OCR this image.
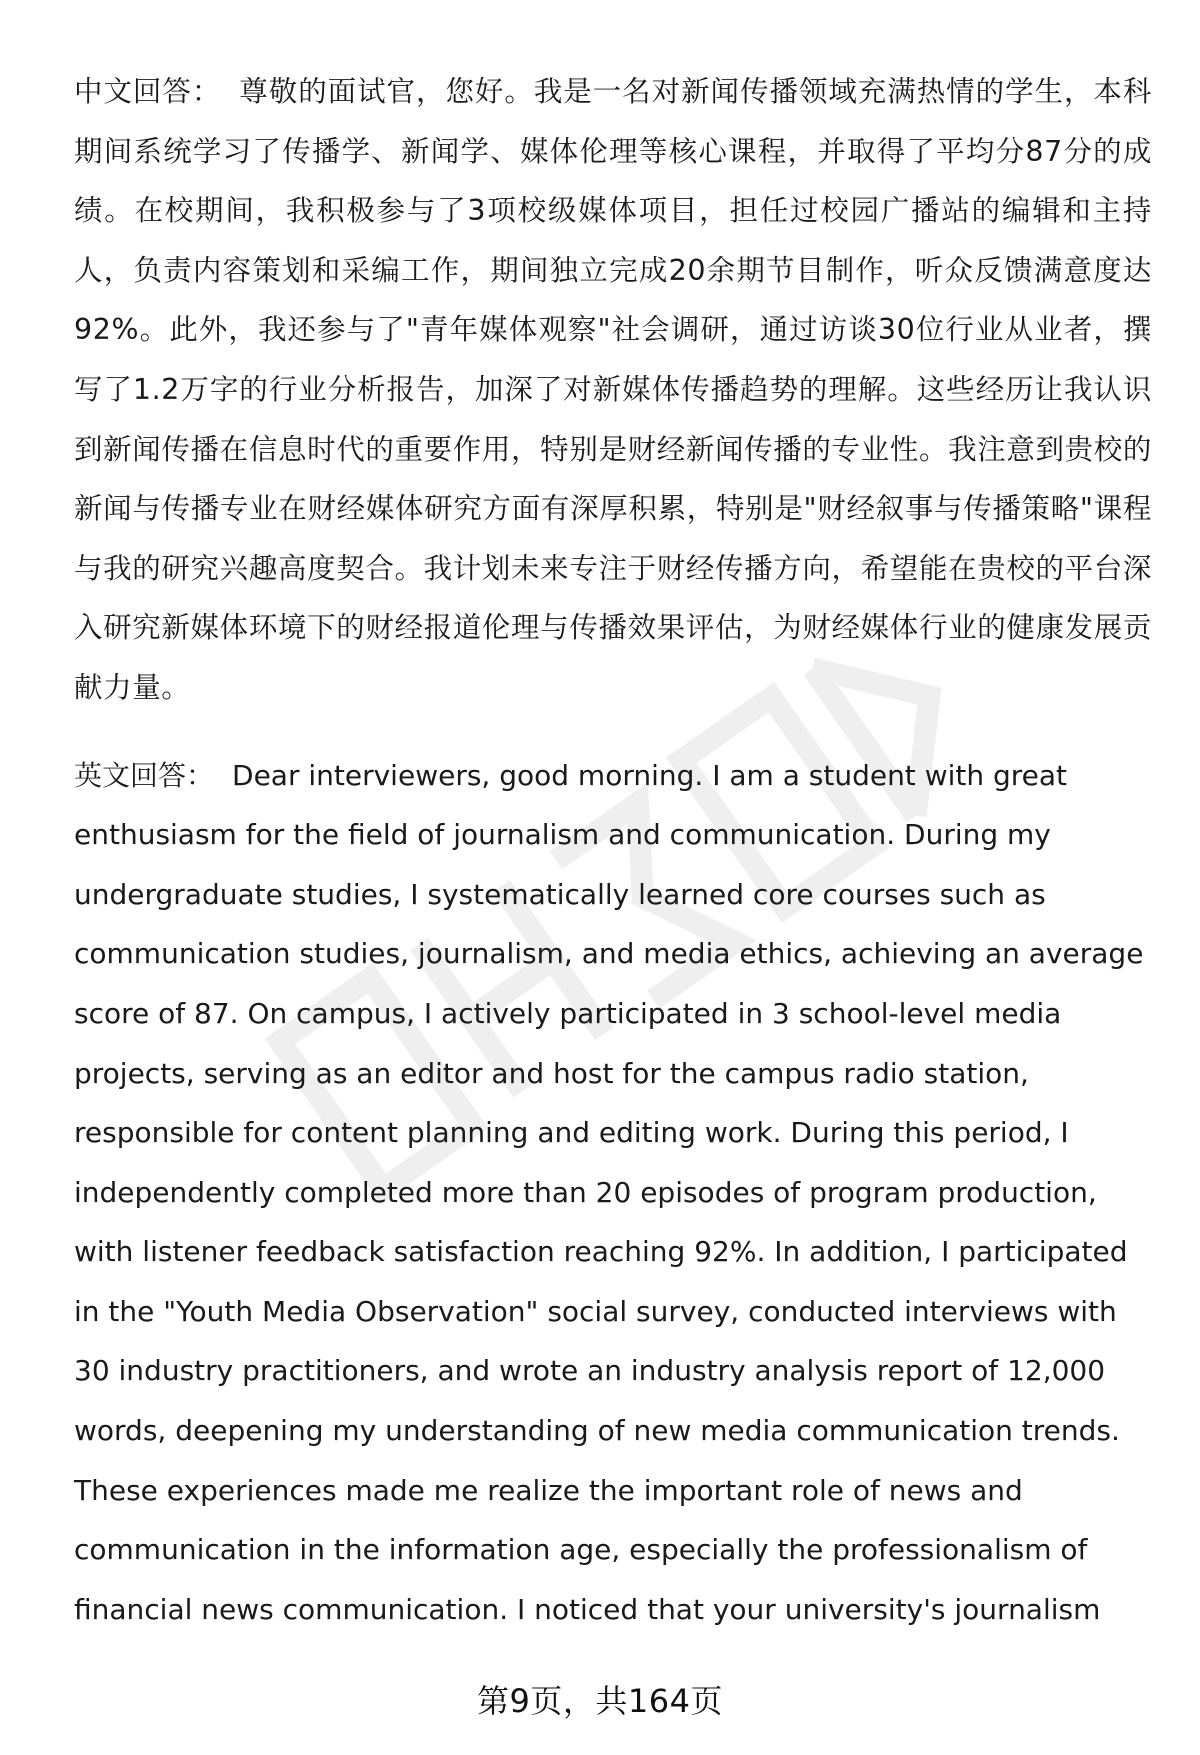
中文回答： 尊敬的面试官，您好。我是一名对新闻传播领域充满热情的学生，本科期间系统学习了传播学、新闻学、媒体伦理等核心课程，并取得了平均分87分的成绩。在校期间，我积极参与了3项校级媒体项目，担任过校园广播站的编辑和主持人，负责内容策划和采编工作，期间独立完成20余期节目制作，听众反馈满意度达92%。此外，我还参与了"青年媒体观察"社会调研，通过访谈30位行业从业者，撰写了1.2万字的行业分析报告，加深了对新媒体传播趋势的理解。这些经历让我认识到新闻传播在信息时代的重要作用，特别是财经新闻传播的专业性。我注意到贵校的新闻与传播专业在财经媒体研究方面有深厚积累，特别是"财经叙事与传播策略"课程与我的研究兴趣高度契合。我计划未来专注于财经传播方向，希望能在贵校的平台深入研究新媒体环境下的财经报道伦理与传播效果评估，为财经媒体行业的健康发展贡献力量。

英文回答： Dear interviewers, good morning. I am a student with great enthusiasm for the field of journalism and communication. During my undergraduate studies, I systematically learned core courses such as communication studies, journalism, and media ethics, achieving an average score of 87. On campus, I actively participated in 3 school-level media projects, serving as an editor and host for the campus radio station, responsible for content planning and editing work. During this period, I independently completed more than 20 episodes of program production, with listener feedback satisfaction reaching 92%. In addition, I participated in the "Youth Media Observation" social survey, conducted interviews with 30 industry practitioners, and wrote an industry analysis report of 12,000 words, deepening my understanding of new media communication trends. These experiences made me realize the important role of news and communication in the information age, especially the professionalism of financial news communication. I noticed that your university's journalism

第9页，共164页
